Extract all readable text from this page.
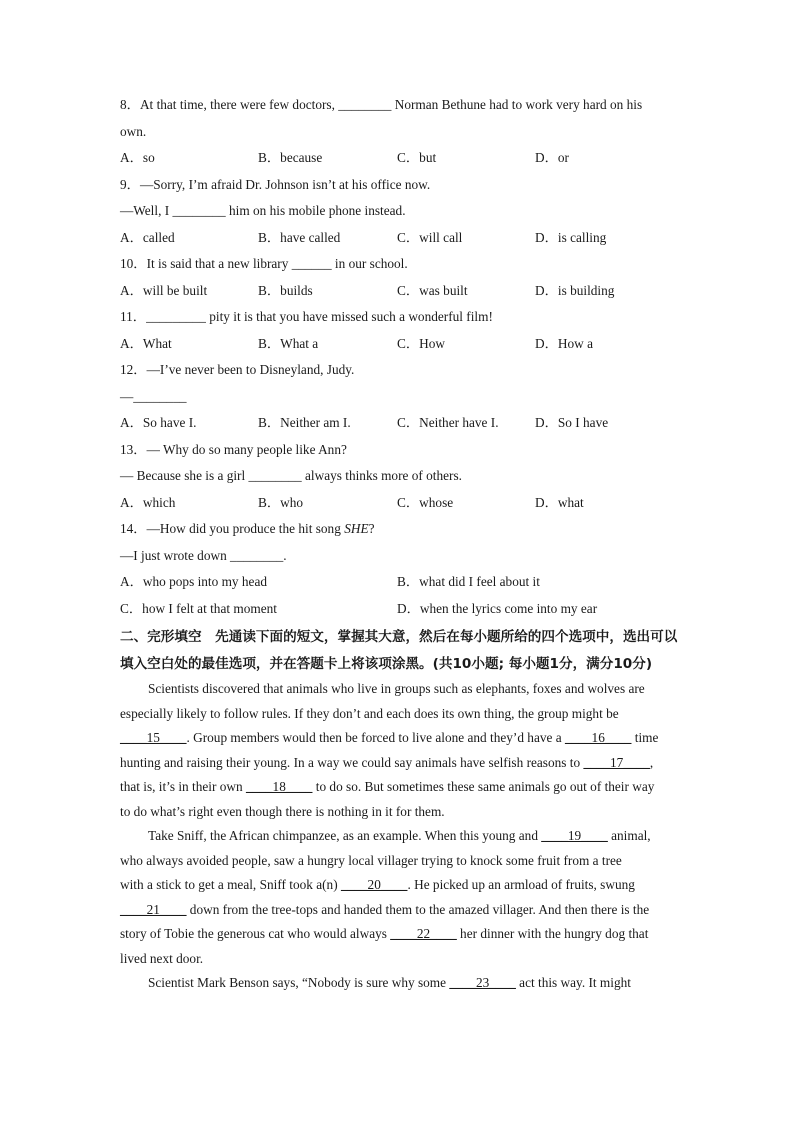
8．At that time, there were few doctors, ________ Norman Bethune had to work very hard on his
own.
A．so	B．because	C．but	D．or
9．—Sorry, I’m afraid Dr. Johnson isn’t at his office now.
—Well, I ________ him on his mobile phone instead.
A．called	B．have called	C．will call	D．is calling
10．It is said that a new library ______ in our school.
A．will be built	B．builds	C．was built	D．is building
11．_________ pity it is that you have missed such a wonderful film!
A．What	B．What a	C．How	D．How a
12．—I’ve never been to Disneyland, Judy.
—________
A．So have I.	B．Neither am I.	C．Neither have I.	D．So I have
13．— Why do so many people like Ann?
— Because she is a girl ________ always thinks more of others.
A．which	B．who	C．whose	D．what
14．—How did you produce the hit song SHE?
—I just wrote down ________.
A．who pops into my head	B．what did I feel about it
C．how I felt at that moment	D．when the lyrics come into my ear

二、完形填空　先通读下面的短文，掌握其大意，然后在每小题所给的四个选项中，选出可以填入空白处的最佳选项，并在答题卡上将该项涂黑。(共10小题; 每小题1分，满分10分)

Scientists discovered that animals who live in groups such as elephants, foxes and wolves are
especially likely to follow rules. If they don’t and each does its own thing, the group might be
____15____. Group members would then be forced to live alone and they’d have a ____16____ time
hunting and raising their young. In a way we could say animals have selfish reasons to ____17____,
that is, it’s in their own ____18____ to do so. But sometimes these same animals go out of their way
to do what’s right even though there is nothing in it for them.
Take Sniff, the African chimpanzee, as an example. When this young and ____19____ animal,
who always avoided people, saw a hungry local villager trying to knock some fruit from a tree
with a stick to get a meal, Sniff took a(n) ____20____. He picked up an armload of fruits, swung
____21____ down from the tree-tops and handed them to the amazed villager. And then there is the
story of Tobie the generous cat who would always ____22____ her dinner with the hungry dog that
lived next door.
Scientist Mark Benson says, “Nobody is sure why some ____23____ act this way. It might
